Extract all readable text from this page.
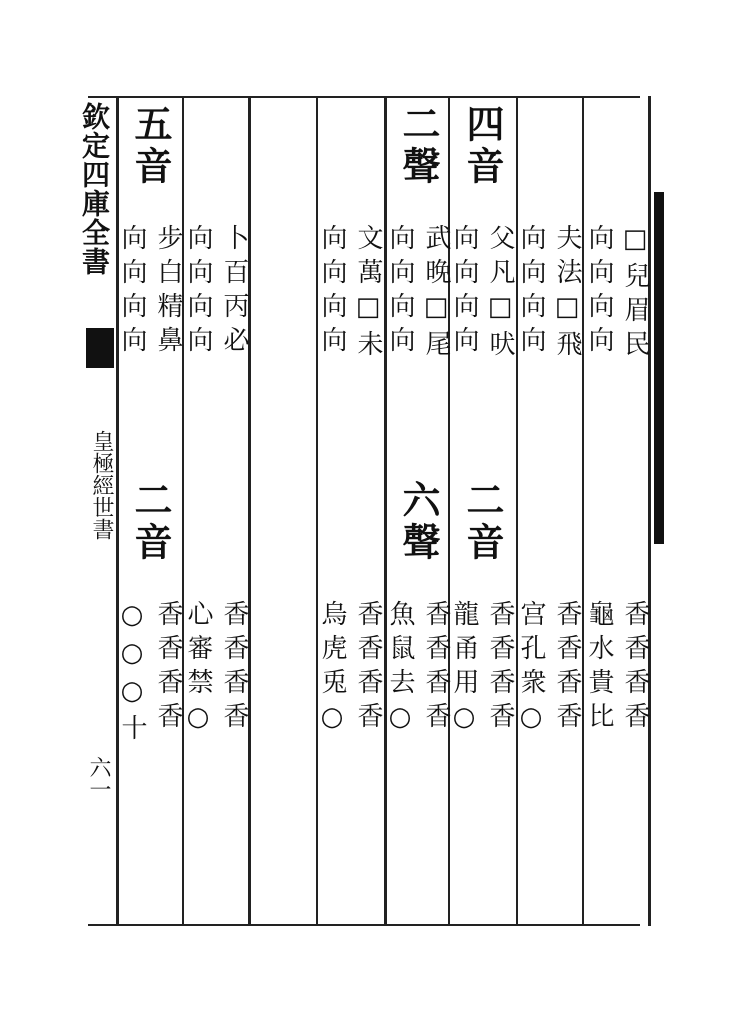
欽定四庫全書
皇極經世書
六一
□兒眉民
向向向向
香香香香
龜水貴比
夫法□飛
向向向向
香香香香
宫孔衆○
四音
父凡□吠
向向向向
二音
香香香香
龍甬用○
二聲
武晚□尾
向向向向
六聲
香香香香
魚鼠去○
文萬□未
向向向向
香香香香
烏虎兎○
卜百丙必
向向向向
香香香香
心審禁○
五音
步白精鼻
向向向向
二音
香香香香
○○○十
